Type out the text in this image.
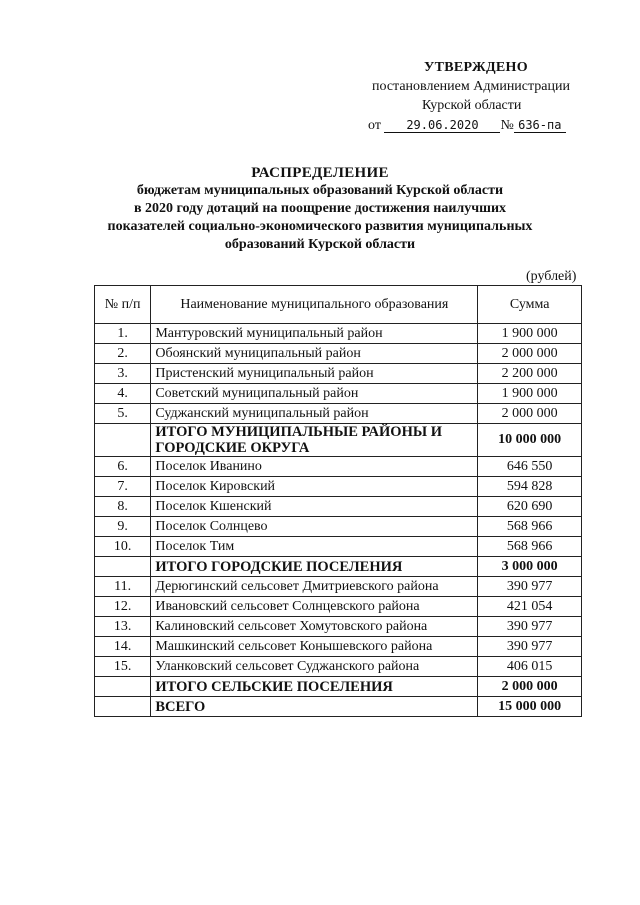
УТВЕРЖДЕНО
постановлением Администрации
Курской области
от 29.06.2020 № 636-па
РАСПРЕДЕЛЕНИЕ
бюджетам муниципальных образований Курской области
в 2020 году дотаций на поощрение достижения наилучших
показателей социально-экономического развития муниципальных
образований Курской области
(рублей)
№ п/п	Наименование муниципального образования	Сумма
1.	Мантуровский муниципальный район	1 900 000
2.	Обоянский муниципальный район	2 000 000
3.	Пристенский муниципальный район	2 200 000
4.	Советский муниципальный район	1 900 000
5.	Суджанский муниципальный район	2 000 000
	ИТОГО МУНИЦИПАЛЬНЫЕ РАЙОНЫ И ГОРОДСКИЕ ОКРУГА	10 000 000
6.	Поселок Иванино	646 550
7.	Поселок Кировский	594 828
8.	Поселок Кшенский	620 690
9.	Поселок Солнцево	568 966
10.	Поселок Тим	568 966
	ИТОГО ГОРОДСКИЕ ПОСЕЛЕНИЯ	3 000 000
11.	Дерюгинский сельсовет Дмитриевского района	390 977
12.	Ивановский сельсовет Солнцевского района	421 054
13.	Калиновский сельсовет Хомутовского района	390 977
14.	Машкинский сельсовет Конышевского района	390 977
15.	Уланковский сельсовет Суджанского района	406 015
	ИТОГО СЕЛЬСКИЕ ПОСЕЛЕНИЯ	2 000 000
	ВСЕГО	15 000 000
